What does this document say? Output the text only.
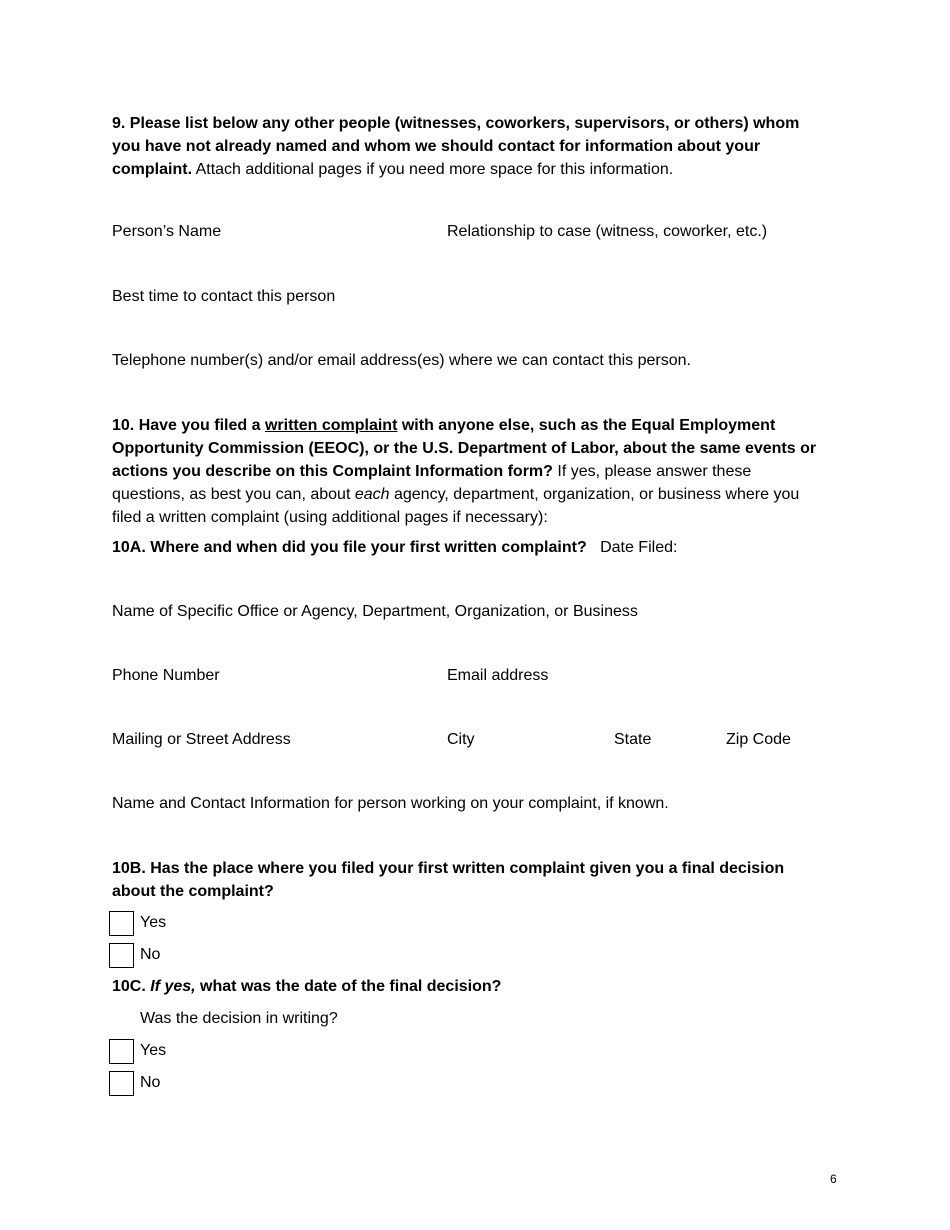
9. Please list below any other people (witnesses, coworkers, supervisors, or others) whom you have not already named and whom we should contact for information about your complaint. Attach additional pages if you need more space for this information.
Person’s Name	Relationship to case (witness, coworker, etc.)
Best time to contact this person
Telephone number(s) and/or email address(es) where we can contact this person.
10. Have you filed a written complaint with anyone else, such as the Equal Employment Opportunity Commission (EEOC), or the U.S. Department of Labor, about the same events or actions you describe on this Complaint Information form? If yes, please answer these questions, as best you can, about each agency, department, organization, or business where you filed a written complaint (using additional pages if necessary):
10A. Where and when did you file your first written complaint? Date Filed:
Name of Specific Office or Agency, Department, Organization, or Business
Phone Number	Email address
Mailing or Street Address	City	State	Zip Code
Name and Contact Information for person working on your complaint, if known.
10B. Has the place where you filed your first written complaint given you a final decision about the complaint?
Yes
No
10C. If yes, what was the date of the final decision?
Was the decision in writing?
Yes
No
6
